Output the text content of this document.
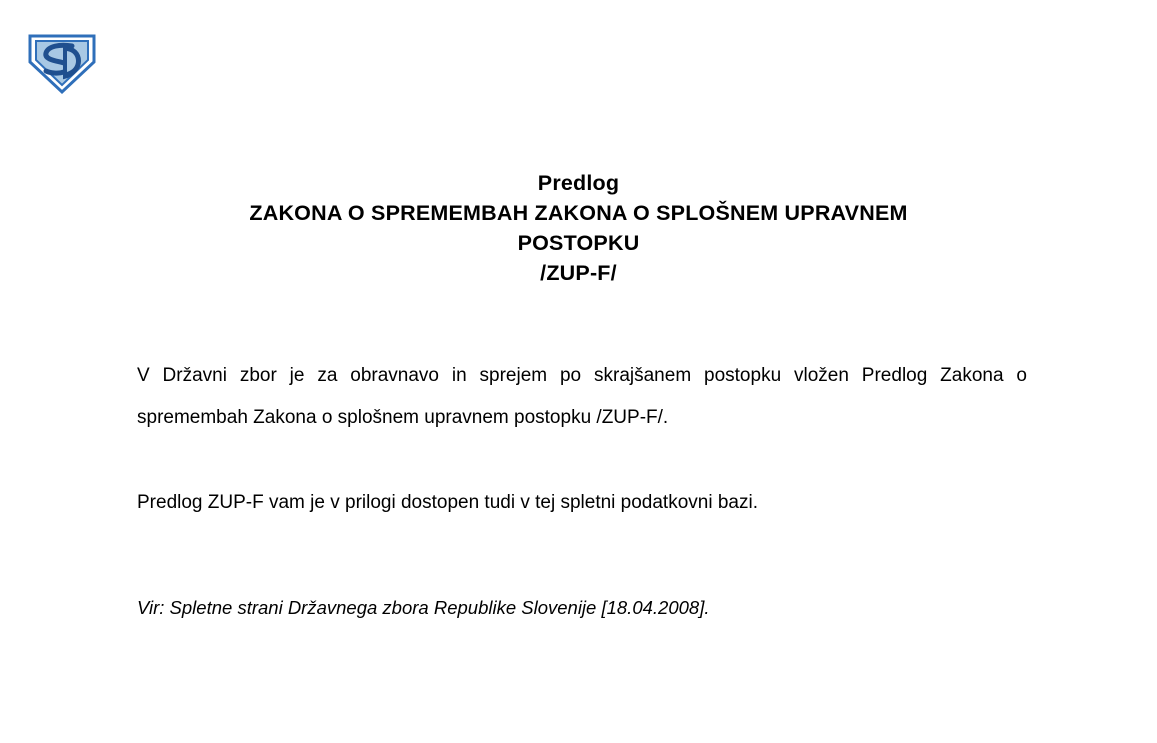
Predlog
ZAKONA O SPREMEMBAH ZAKONA O SPLOŠNEM UPRAVNEM
POSTOPKU
/ZUP-F/

V Državni zbor je za obravnavo in sprejem po skrajšanem postopku vložen Predlog Zakona o spremembah Zakona o splošnem upravnem postopku /ZUP-F/.

Predlog ZUP-F vam je v prilogi dostopen tudi v tej spletni podatkovni bazi.

Vir: Spletne strani Državnega zbora Republike Slovenije [18.04.2008].
